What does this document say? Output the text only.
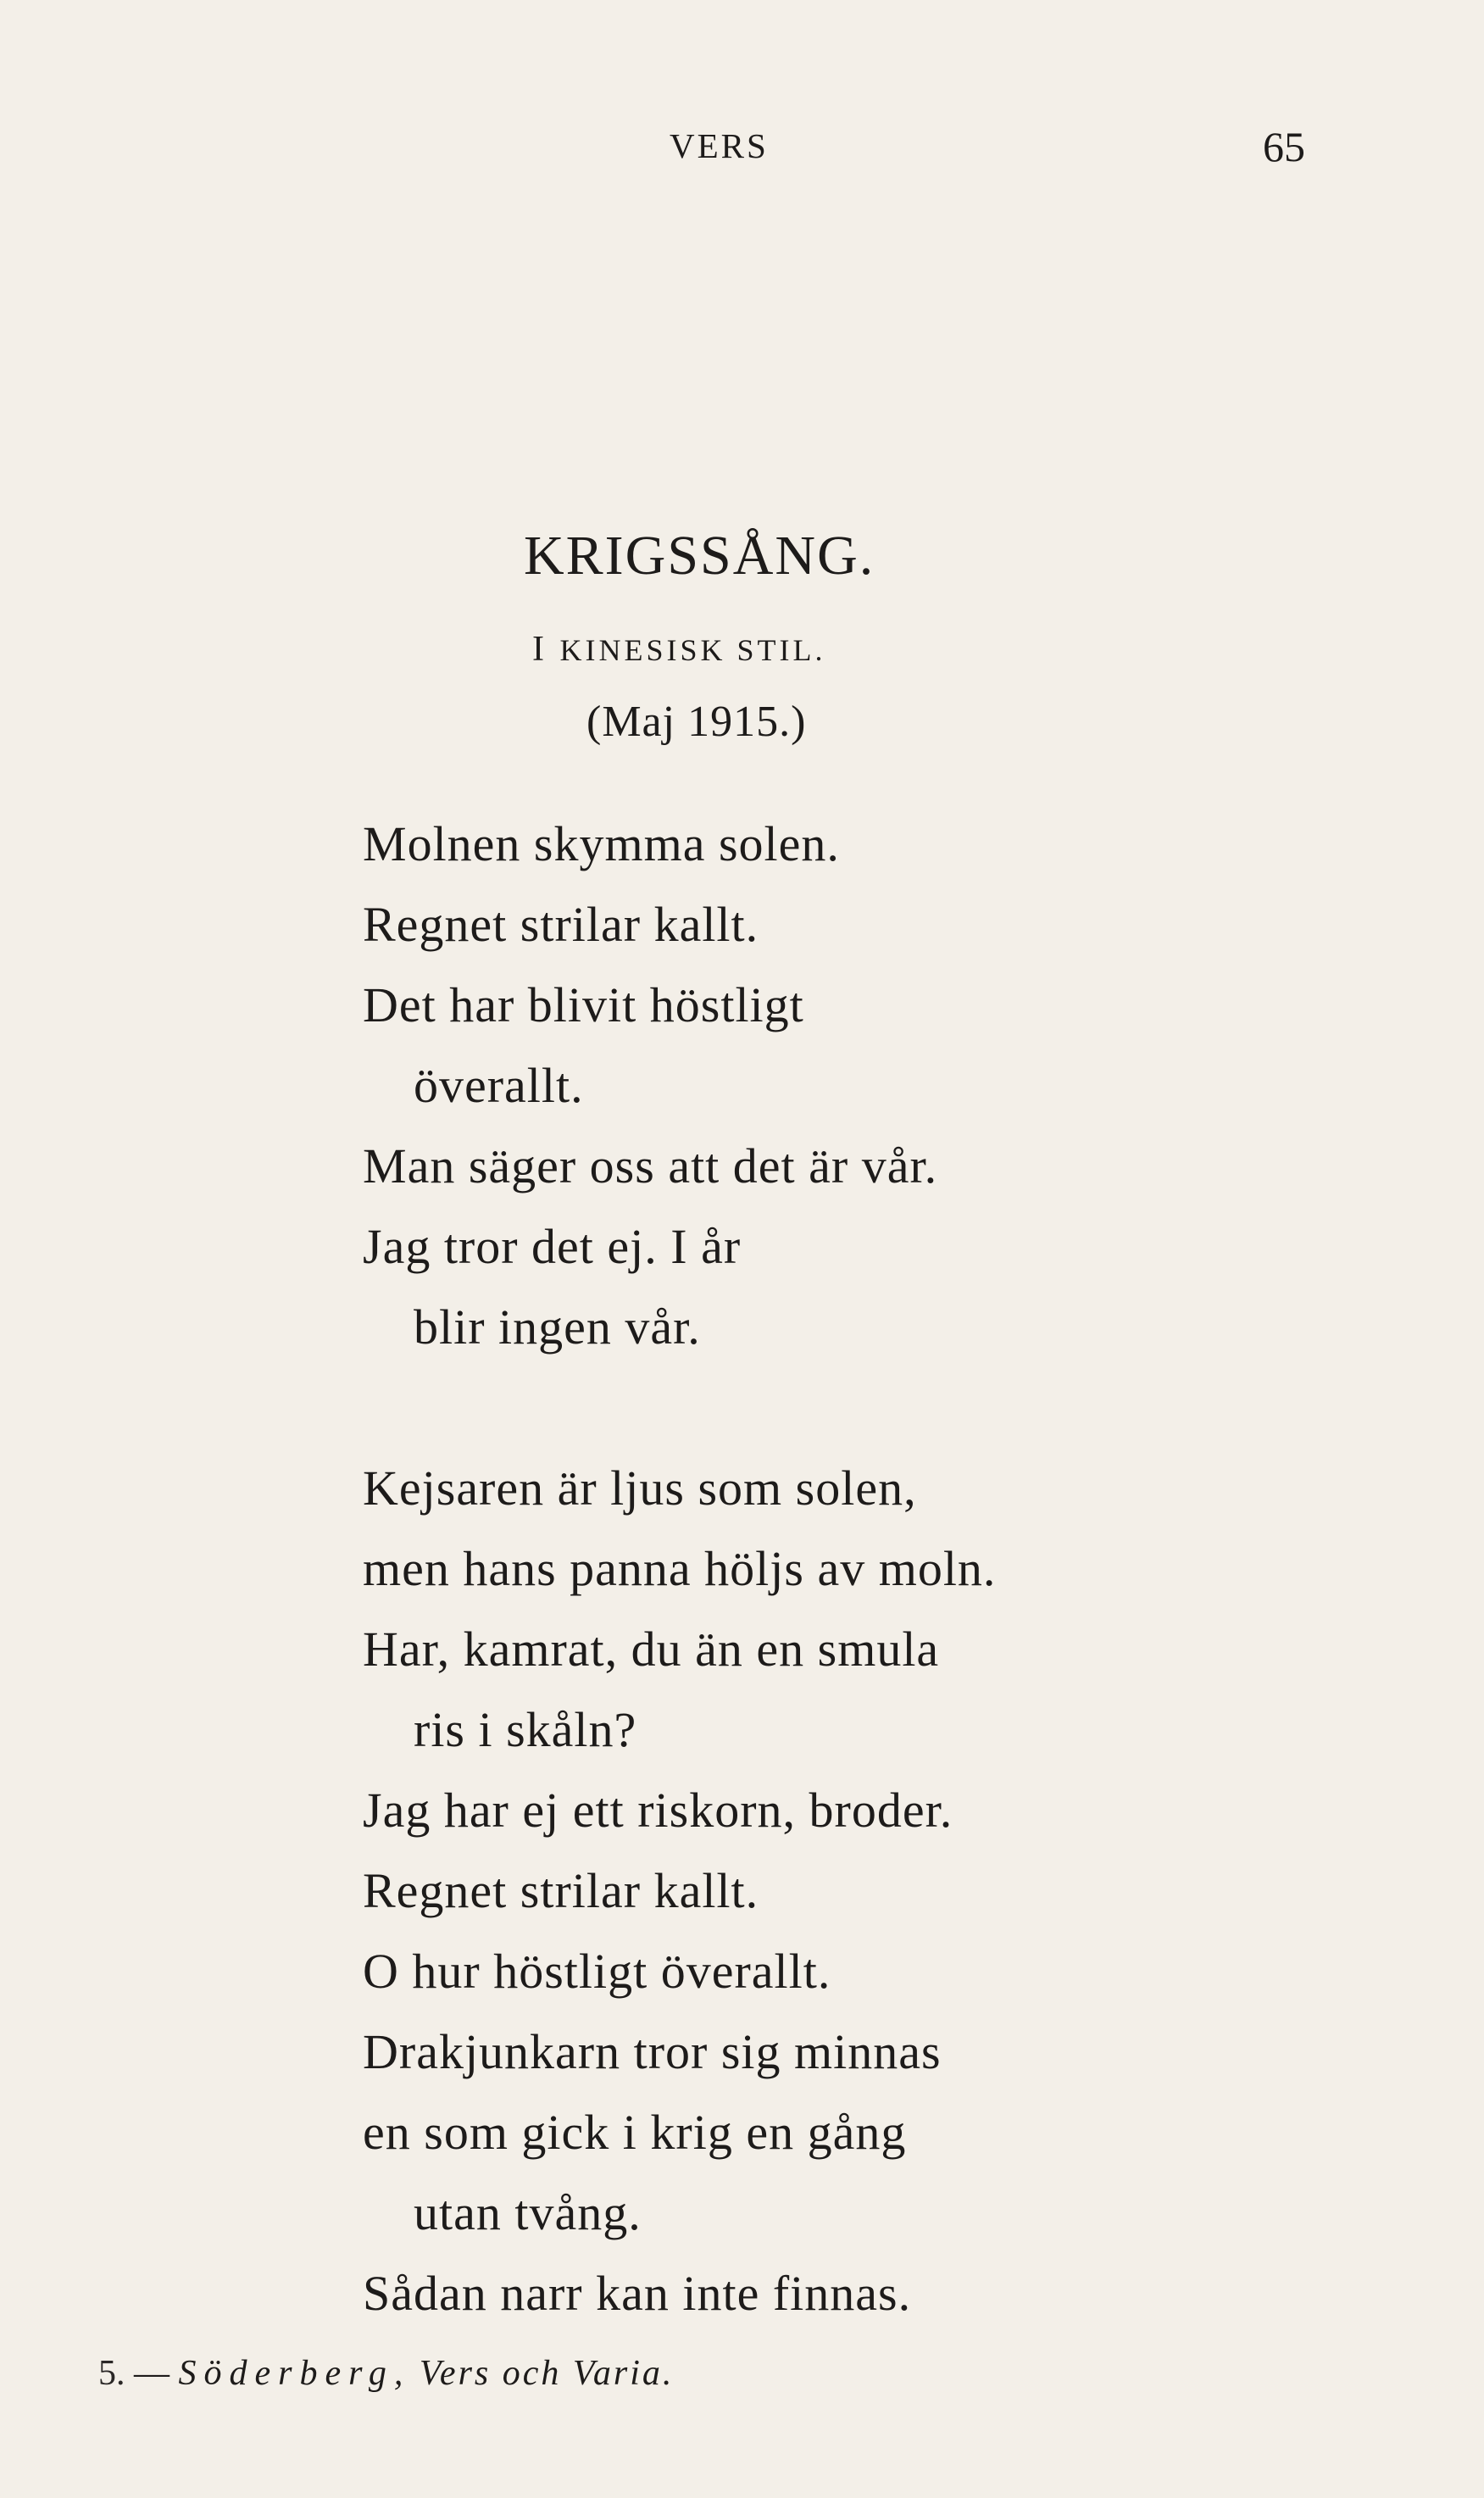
VERS	65
KRIGSSÅNG.
I KINESISK STIL.
(Maj 1915.)
Molnen skymma solen.
Regnet strilar kallt.
Det har blivit höstligt
överallt.
Man säger oss att det är vår.
Jag tror det ej. I år
blir ingen vår.
Kejsaren är ljus som solen,
men hans panna höljs av moln.
Har, kamrat, du än en smula
ris i skåln?
Jag har ej ett riskorn, broder.
Regnet strilar kallt.
O hur höstligt överallt.
Drakjunkarn tror sig minnas
en som gick i krig en gång
utan tvång.
Sådan narr kan inte finnas.
5. — Söderberg, Vers och Varia.
